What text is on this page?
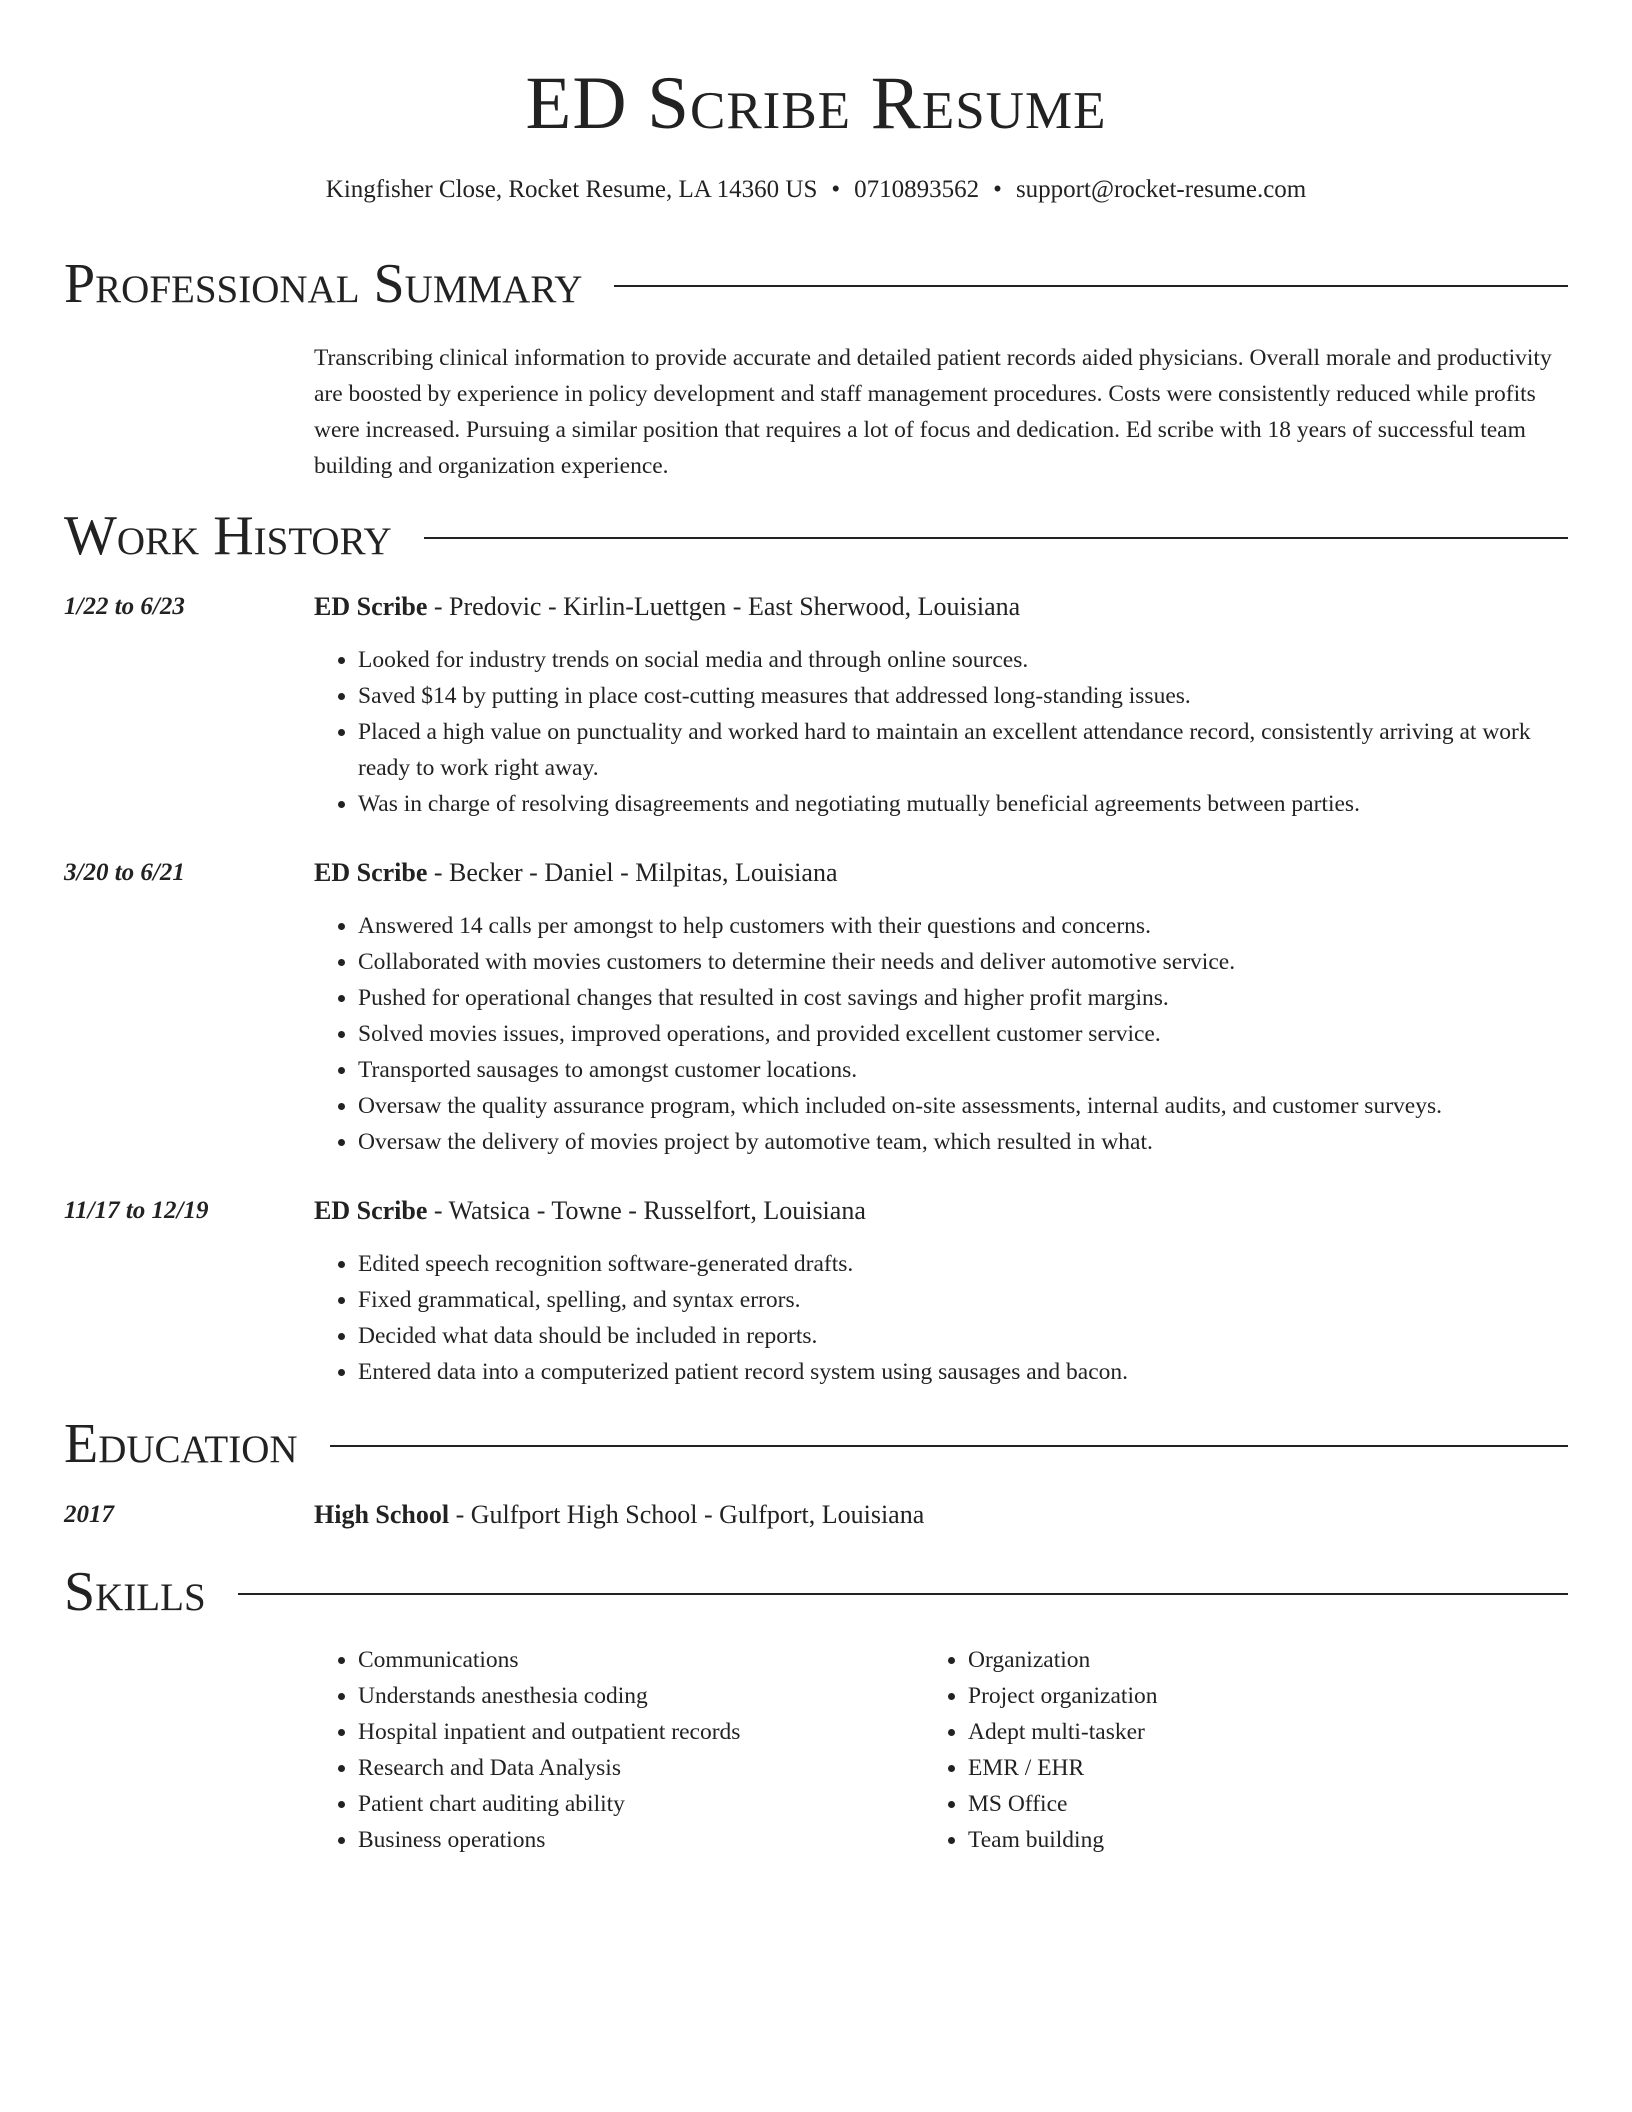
ED Scribe Resume
Kingfisher Close, Rocket Resume, LA 14360 US • 0710893562 • support@rocket-resume.com
Professional Summary
Transcribing clinical information to provide accurate and detailed patient records aided physicians. Overall morale and productivity are boosted by experience in policy development and staff management procedures. Costs were consistently reduced while profits were increased. Pursuing a similar position that requires a lot of focus and dedication. Ed scribe with 18 years of successful team building and organization experience.
Work History
1/22 to 6/23	ED Scribe - Predovic - Kirlin-Luettgen - East Sherwood, Louisiana
• Looked for industry trends on social media and through online sources.
• Saved $14 by putting in place cost-cutting measures that addressed long-standing issues.
• Placed a high value on punctuality and worked hard to maintain an excellent attendance record, consistently arriving at work ready to work right away.
• Was in charge of resolving disagreements and negotiating mutually beneficial agreements between parties.
3/20 to 6/21	ED Scribe - Becker - Daniel - Milpitas, Louisiana
• Answered 14 calls per amongst to help customers with their questions and concerns.
• Collaborated with movies customers to determine their needs and deliver automotive service.
• Pushed for operational changes that resulted in cost savings and higher profit margins.
• Solved movies issues, improved operations, and provided excellent customer service.
• Transported sausages to amongst customer locations.
• Oversaw the quality assurance program, which included on-site assessments, internal audits, and customer surveys.
• Oversaw the delivery of movies project by automotive team, which resulted in what.
11/17 to 12/19	ED Scribe - Watsica - Towne - Russelfort, Louisiana
• Edited speech recognition software-generated drafts.
• Fixed grammatical, spelling, and syntax errors.
• Decided what data should be included in reports.
• Entered data into a computerized patient record system using sausages and bacon.
Education
2017	High School - Gulfport High School - Gulfport, Louisiana
Skills
• Communications
• Understands anesthesia coding
• Hospital inpatient and outpatient records
• Research and Data Analysis
• Patient chart auditing ability
• Business operations
• Organization
• Project organization
• Adept multi-tasker
• EMR / EHR
• MS Office
• Team building
